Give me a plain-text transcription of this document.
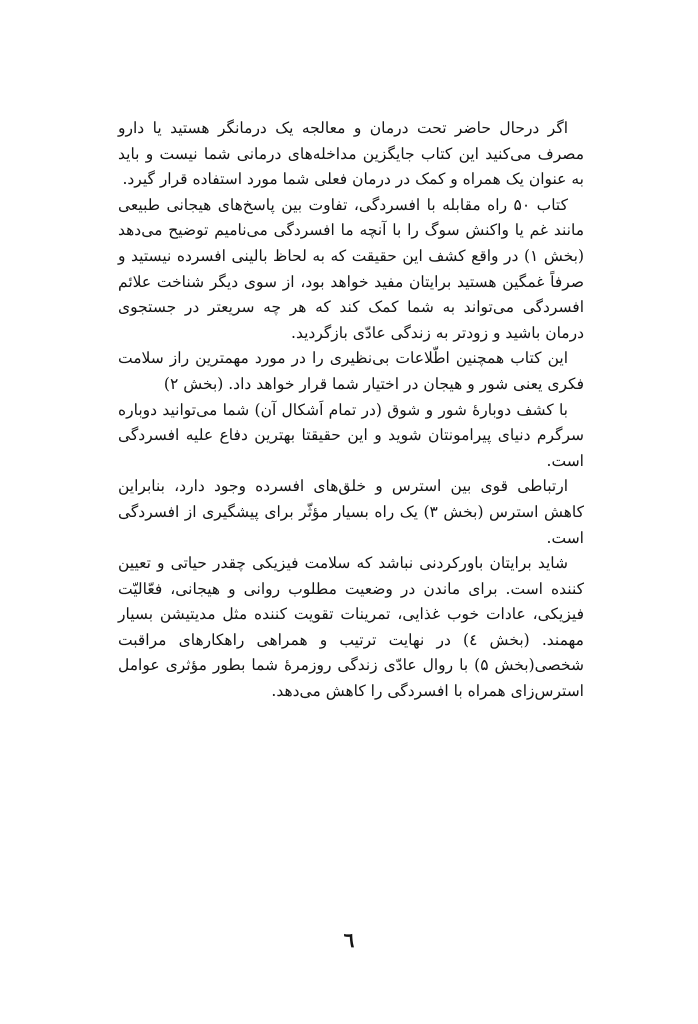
اگر درحال حاضر تحت درمان و معالجه یک درمانگر هستید یا دارو مصرف می‌کنید این کتاب جایگزین مداخله‌های درمانی شما نیست و باید به عنوان یک همراه و کمک در درمان فعلی شما مورد استفاده قرار گیرد.

کتاب ۵۰ راه مقابله با افسردگی، تفاوت بین پاسخ‌های هیجانی طبیعی مانند غم یا واکنش سوگ را با آنچه ما افسردگی می‌نامیم توضیح می‌دهد (بخش ۱) در واقع کشف این حقیقت که به لحاظ بالینی افسرده نیستید و صرفاً غمگین هستید برایتان مفید خواهد بود، از سوی دیگر شناخت علائم افسردگی می‌تواند به شما کمک کند که هر چه سریعتر در جستجوی درمان باشید و زودتر به زندگی عادّی بازگردید.

این کتاب همچنین اطّلاعات بی‌نظیری را در مورد مهمترین راز سلامت فکری یعنی شور و هیجان در اختیار شما قرار خواهد داد. (بخش ۲)

با کشف دوبارهٔ شور و شوق (در تمام اَشکال آن) شما می‌توانید دوباره سرگرم دنیای پیرامونتان شوید و این حقیقتا بهترین دفاع علیه افسردگی است.

ارتباطی قوی بین استرس و خلق‌های افسرده وجود دارد، بنابراین کاهش استرس (بخش ۳) یک راه بسیار مؤثّر برای پیشگیری از افسردگی است.

شاید برایتان باورکردنی نباشد که سلامت فیزیکی چقدر حیاتی و تعیین کننده است. برای ماندن در وضعیت مطلوب روانی و هیجانی، فعّالیّت فیزیکی، عادات خوب غذایی، تمرینات تقویت کننده مثل مدیتیشن بسیار مهمند. (بخش ٤) در نهایت ترتیب و همراهی راهکارهای مراقبت شخصی(بخش ۵) با روال عادّی زندگی روزمرهٔ شما بطور مؤثری عوامل استرس‌زای همراه با افسردگی را کاهش می‌دهد.

٦
